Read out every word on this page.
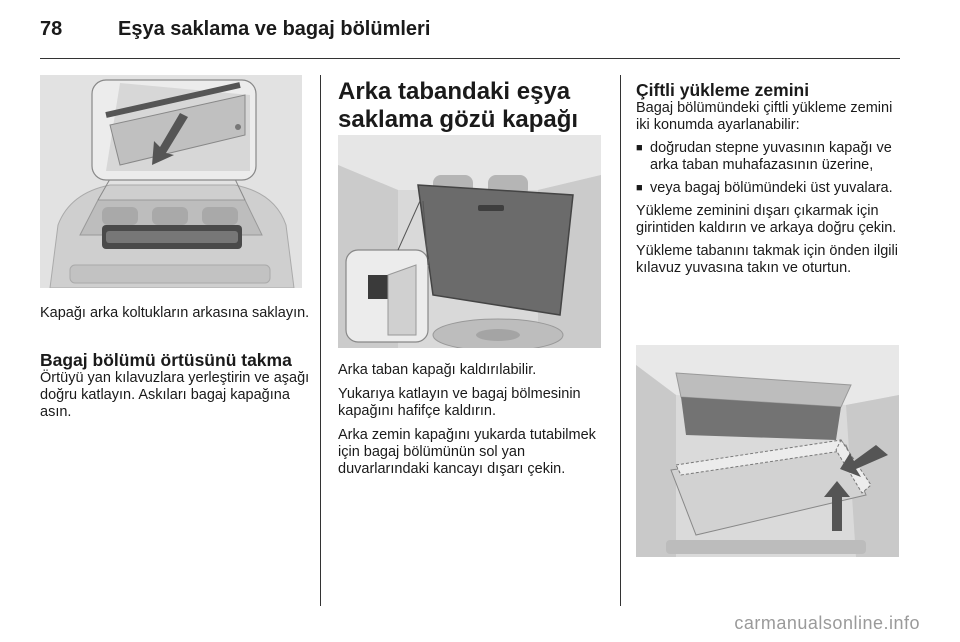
78	Eşya saklama ve bagaj bölümleri

Kapağı arka koltukların arkasına saklayın.

Bagaj bölümü örtüsünü takma

Örtüyü yan kılavuzlara yerleştirin ve aşağı doğru katlayın. Askıları bagaj kapağına asın.

Arka tabandaki eşya

saklama gözü kapağı

Arka taban kapağı kaldırılabilir.

Yukarıya katlayın ve bagaj bölmesinin kapağını hafifçe kaldırın.

Arka zemin kapağını yukarda tutabilmek için bagaj bölümünün sol yan duvarlarındaki kancayı dışarı çekin.

Çiftli yükleme zemini

Bagaj bölümündeki çiftli yükleme zemini iki konumda ayarlanabilir:

■ doğrudan stepne yuvasının kapağı ve arka taban muhafazasının üzerine,
■ veya bagaj bölümündeki üst yuvalara.

Yükleme zeminini dışarı çıkarmak için girintiden kaldırın ve arkaya doğru çekin.

Yükleme tabanını takmak için önden ilgili kılavuz yuvasına takın ve oturtun.

carmanualsonline.info
